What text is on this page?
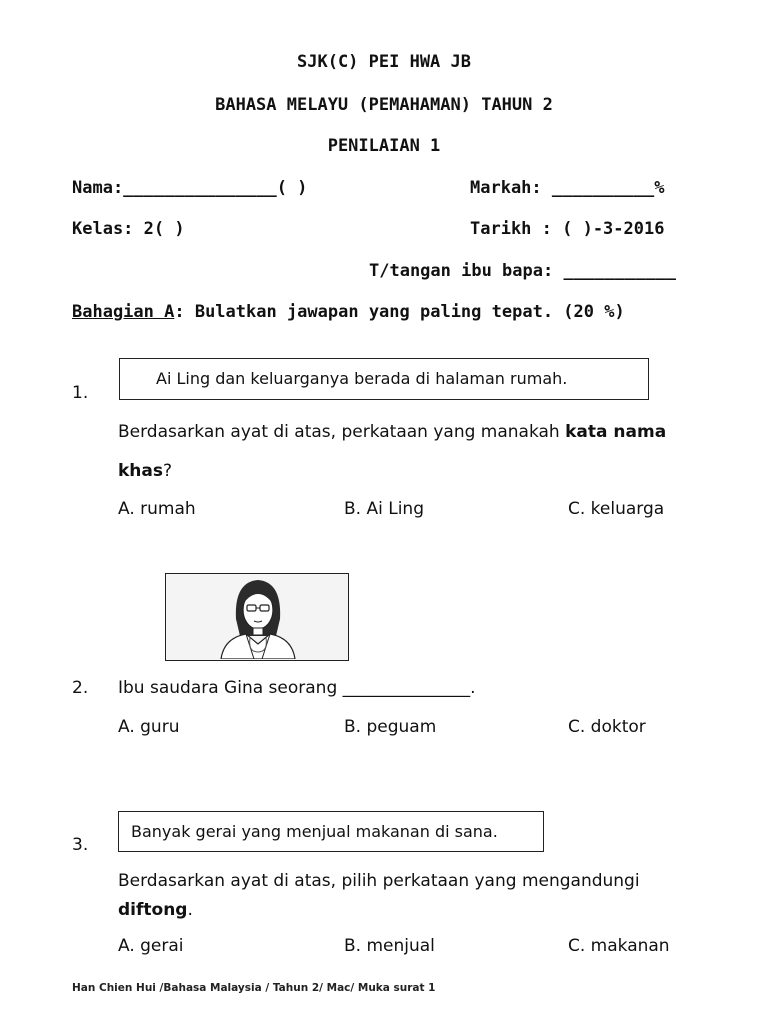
SJK(C) PEI HWA JB
BAHASA MELAYU (PEMAHAMAN) TAHUN 2
PENILAIAN 1
Nama:_______________( )	Markah: __________%
Kelas: 2( )	Tarikh : ( )-3-2016
T/tangan ibu bapa: ___________
Bahagian A: Bulatkan jawapan yang paling tepat. (20 %)
Ai Ling dan keluarganya berada di halaman rumah.
1.
Berdasarkan ayat di atas, perkataan yang manakah kata nama
khas?
A. rumah	B. Ai Ling	C. keluarga
2. Ibu saudara Gina seorang _______________.
A. guru	B. peguam	C. doktor
Banyak gerai yang menjual makanan di sana.
3.
Berdasarkan ayat di atas, pilih perkataan yang mengandungi
diftong.
A. gerai	B. menjual	C. makanan
Han Chien Hui /Bahasa Malaysia / Tahun 2/ Mac/ Muka surat 1
